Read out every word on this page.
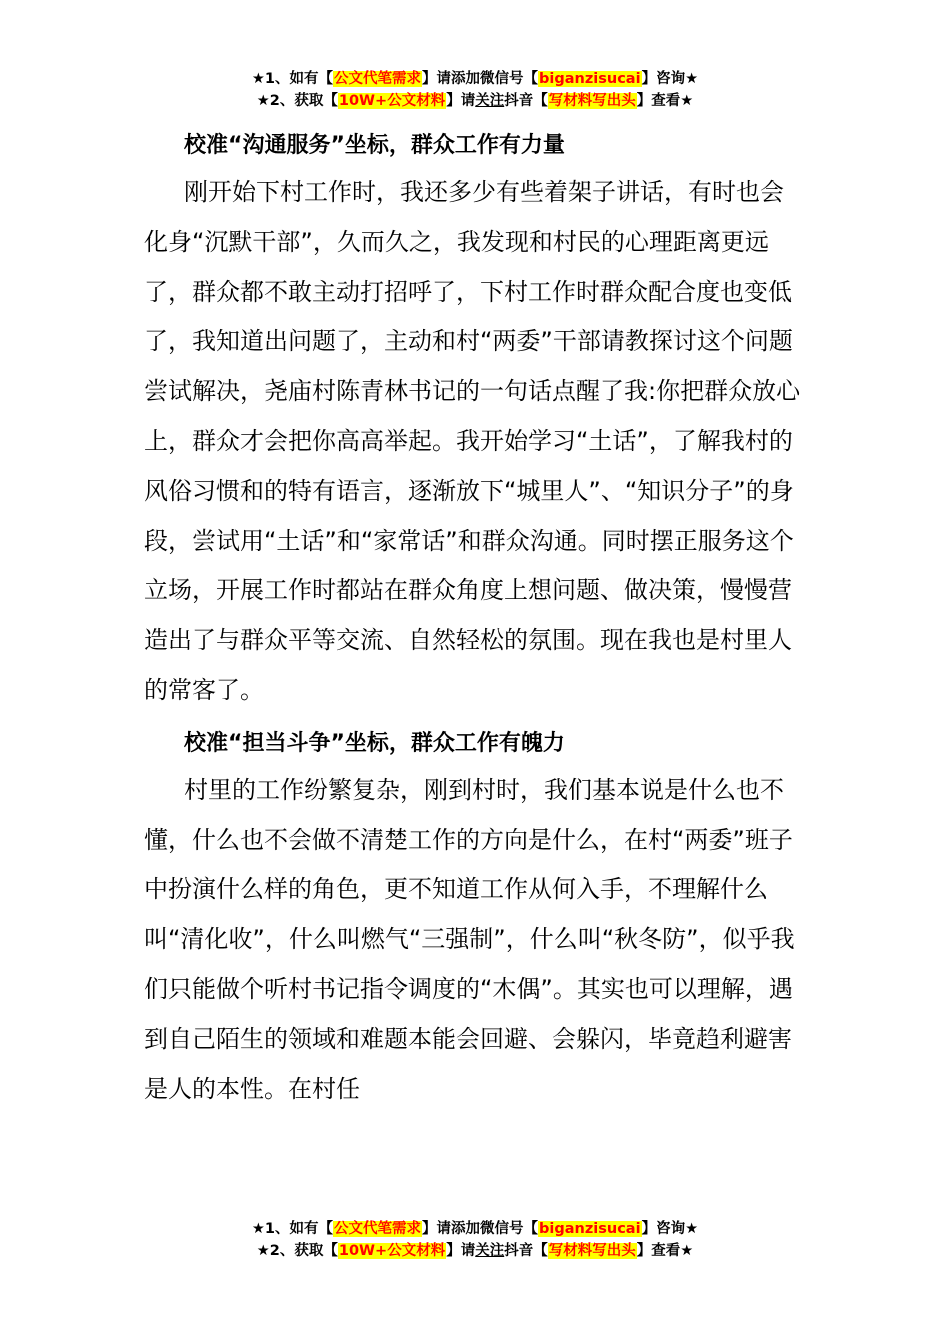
★1、如有【公文代笔需求】请添加微信号【biganzisucai】咨询★
★2、获取【10W+公文材料】请关注抖音【写材料写出头】查看★
校准“沟通服务”坐标，群众工作有力量

刚开始下村工作时，我还多少有些着架子讲话，有时也会化身“沉默干部”，久而久之，我发现和村民的心理距离更远了，群众都不敢主动打招呼了，下村工作时群众配合度也变低了，我知道出问题了，主动和村“两委”干部请教探讨这个问题尝试解决，尧庙村陈青林书记的一句话点醒了我:你把群众放心上，群众才会把你高高举起。我开始学习“土话”，了解我村的风俗习惯和的特有语言，逐渐放下“城里人”、“知识分子”的身段，尝试用“土话”和“家常话”和群众沟通。同时摆正服务这个立场，开展工作时都站在群众角度上想问题、做决策，慢慢营造出了与群众平等交流、自然轻松的氛围。现在我也是村里人的常客了。

校准“担当斗争”坐标，群众工作有魄力

村里的工作纷繁复杂，刚到村时，我们基本说是什么也不懂，什么也不会做不清楚工作的方向是什么，在村“两委”班子中扮演什么样的角色，更不知道工作从何入手，不理解什么叫“清化收”，什么叫燃气“三强制”，什么叫“秋冬防”，似乎我们只能做个听村书记指令调度的“木偶”。其实也可以理解，遇到自己陌生的领域和难题本能会回避、会躲闪，毕竟趋利避害是人的本性。在村任

★1、如有【公文代笔需求】请添加微信号【biganzisucai】咨询★
★2、获取【10W+公文材料】请关注抖音【写材料写出头】查看★
